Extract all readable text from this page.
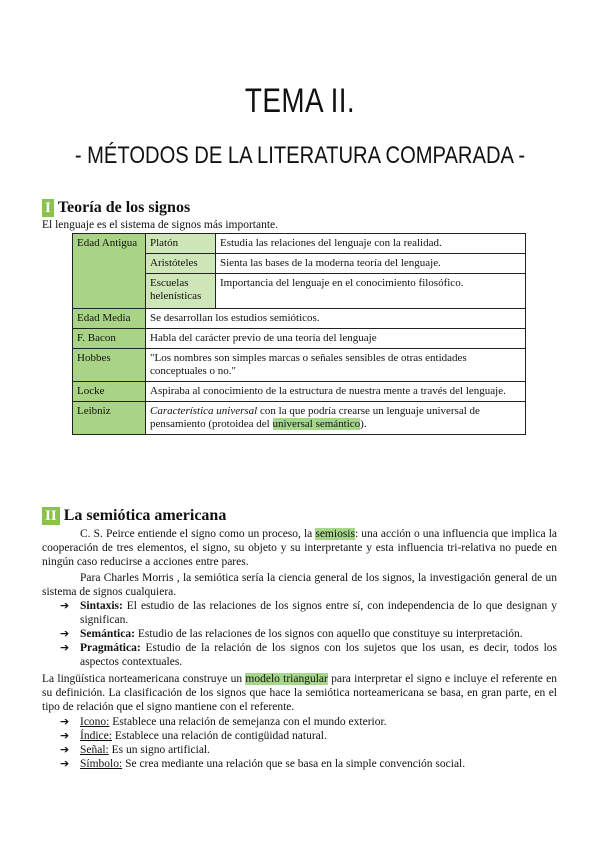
TEMA II.
- MÉTODOS DE LA LITERATURA COMPARADA -
I Teoría de los signos
El lenguaje es el sistema de signos más importante.
Edad Antigua	Platón	Estudia las relaciones del lenguaje con la realidad.
	Aristóteles	Sienta las bases de la moderna teoría del lenguaje.
	Escuelas helenísticas	Importancia del lenguaje en el conocimiento filosófico.
Edad Media	Se desarrollan los estudios semióticos.	
F. Bacon	Habla del carácter previo de una teoría del lenguaje	
Hobbes	"Los nombres son simples marcas o señales sensibles de otras entidades conceptuales o no."	
Locke	Aspiraba al conocimiento de la estructura de nuestra mente a través del lenguaje.	
Leibniz	Característica universal con la que podría crearse un lenguaje universal de pensamiento (protoidea del universal semántico).	
II La semiótica americana
C. S. Peirce entiende el signo como un proceso, la semiosis: una acción o una influencia que implica la cooperación de tres elementos, el signo, su objeto y su interpretante y esta influencia tri-relativa no puede en ningún caso reducirse a acciones entre pares.
Para Charles Morris , la semiótica sería la ciencia general de los signos, la investigación general de un sistema de signos cualquiera.
➔ Sintaxis: El estudio de las relaciones de los signos entre sí, con independencia de lo que designan y significan.
➔ Semántica: Estudio de las relaciones de los signos con aquello que constituye su interpretación.
➔ Pragmática: Estudio de la relación de los signos con los sujetos que los usan, es decir, todos los aspectos contextuales.
La lingüística norteamericana construye un modelo triangular para interpretar el signo e incluye el referente en su definición. La clasificación de los signos que hace la semiótica norteamericana se basa, en gran parte, en el tipo de relación que el signo mantiene con el referente.
➔ Icono: Establece una relación de semejanza con el mundo exterior.
➔ Índice: Establece una relación de contigüidad natural.
➔ Señal: Es un signo artificial.
➔ Símbolo: Se crea mediante una relación que se basa en la simple convención social.
